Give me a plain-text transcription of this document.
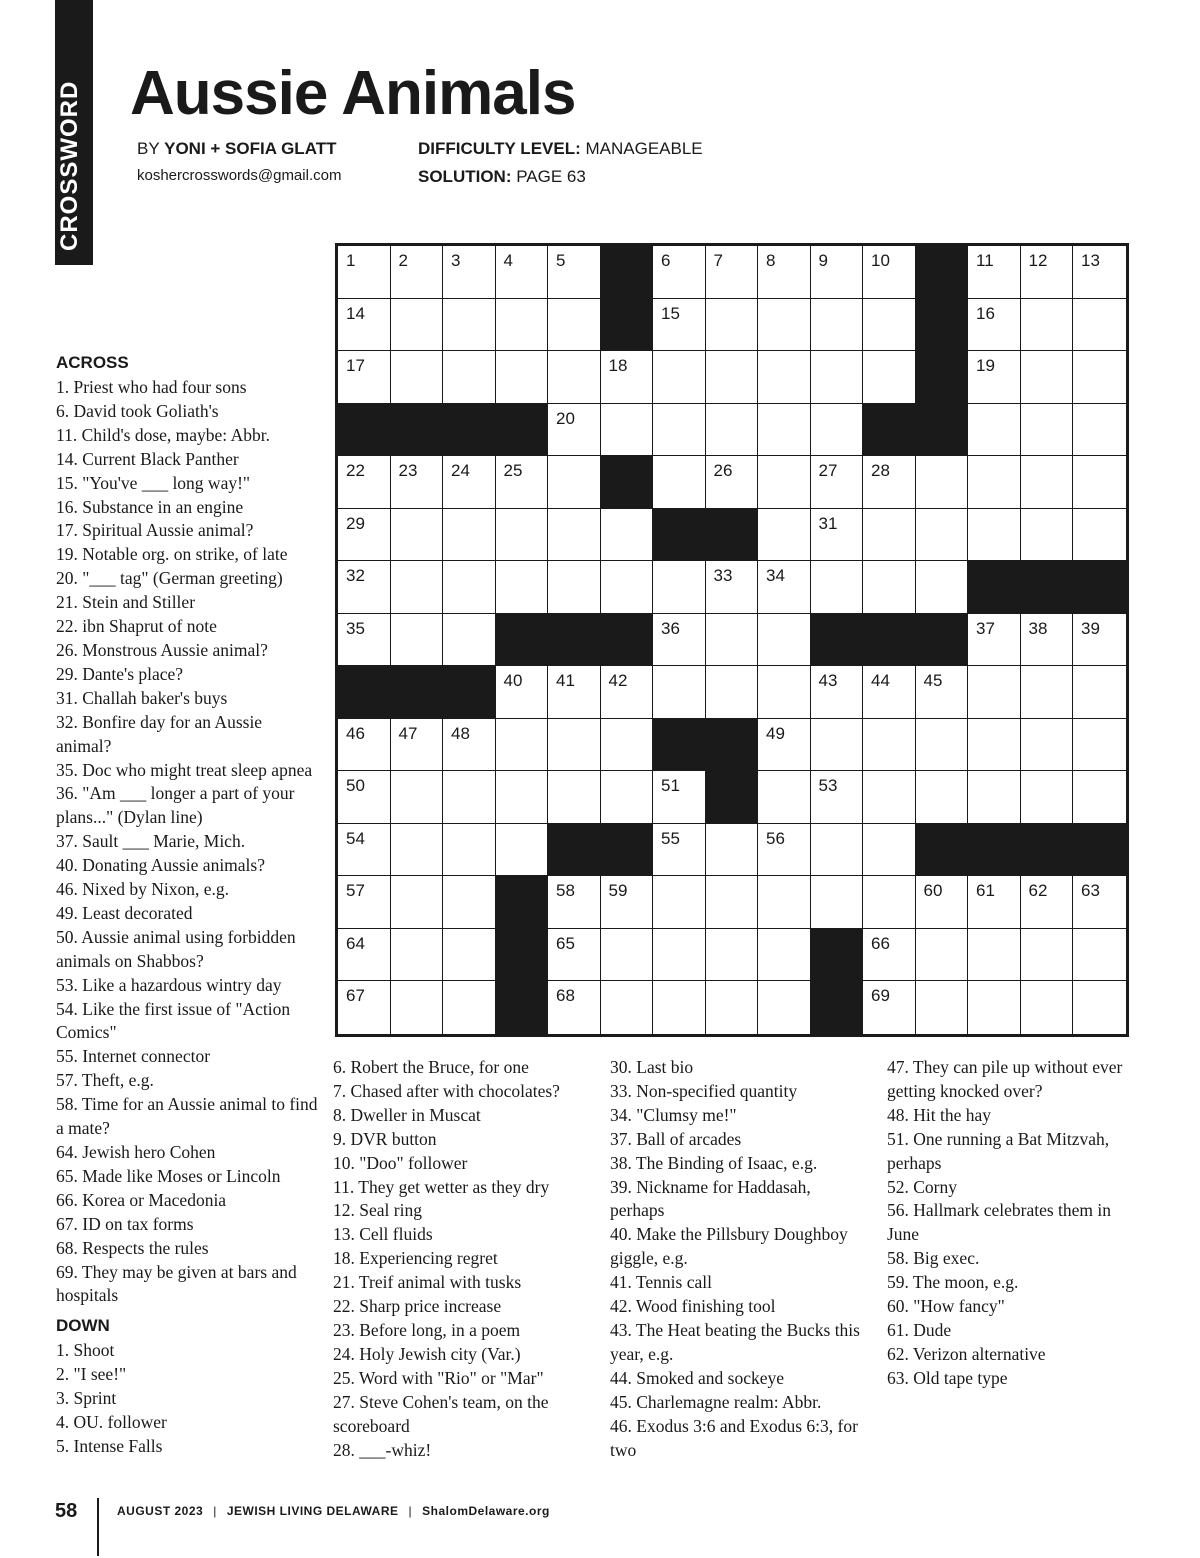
CROSSWORD Aussie Animals
BY YONI + SOFIA GLATT
koshercrosswords@gmail.com
DIFFICULTY LEVEL: MANAGEABLE
SOLUTION: PAGE 63
1	2	3	4	5	6	7	8	9	10	11 12 13
14	15	16
17	18	19
20
22 23 24 25	26	27 28
29	31
32	33 34
35	36	37 38 39
40 41 42	43 44 45
46 47 48	49
50	51	53
54	55	56
57	58 59	60 61 62 63
64	65	66
67	68	69
ACROSS
1. Priest who had four sons
6. David took Goliath's
11. Child's dose, maybe: Abbr.
14. Current Black Panther
15. "You've ___ long way!"
16. Substance in an engine
17. Spiritual Aussie animal?
19. Notable org. on strike, of late
20. "___ tag" (German greeting)
21. Stein and Stiller
22. ibn Shaprut of note
26. Monstrous Aussie animal?
29. Dante's place?
31. Challah baker's buys
32. Bonfire day for an Aussie animal?
35. Doc who might treat sleep apnea
36. "Am ___ longer a part of your plans..." (Dylan line)
37. Sault ___ Marie, Mich.
40. Donating Aussie animals?
46. Nixed by Nixon, e.g.
49. Least decorated
50. Aussie animal using forbidden animals on Shabbos?
53. Like a hazardous wintry day
54. Like the first issue of "Action Comics"
55. Internet connector
57. Theft, e.g.
58. Time for an Aussie animal to find a mate?
64. Jewish hero Cohen
65. Made like Moses or Lincoln
66. Korea or Macedonia
67. ID on tax forms
68. Respects the rules
69. They may be given at bars and hospitals
DOWN
1. Shoot
2. "I see!"
3. Sprint
4. OU. follower
5. Intense Falls
6. Robert the Bruce, for one
7. Chased after with chocolates?
8. Dweller in Muscat
9. DVR button
10. "Doo" follower
11. They get wetter as they dry
12. Seal ring
13. Cell fluids
18. Experiencing regret
21. Treif animal with tusks
22. Sharp price increase
23. Before long, in a poem
24. Holy Jewish city (Var.)
25. Word with "Rio" or "Mar"
27. Steve Cohen's team, on the scoreboard
28. ___-whiz!
30. Last bio
33. Non-specified quantity
34. "Clumsy me!"
37. Ball of arcades
38. The Binding of Isaac, e.g.
39. Nickname for Haddasah, perhaps
40. Make the Pillsbury Doughboy giggle, e.g.
41. Tennis call
42. Wood finishing tool
43. The Heat beating the Bucks this year, e.g.
44. Smoked and sockeye
45. Charlemagne realm: Abbr.
46. Exodus 3:6 and Exodus 6:3, for two
47. They can pile up without ever getting knocked over?
48. Hit the hay
51. One running a Bat Mitzvah, perhaps
52. Corny
56. Hallmark celebrates them in June
58. Big exec.
59. The moon, e.g.
60. "How fancy"
61. Dude
62. Verizon alternative
63. Old tape type
58	AUGUST 2023 | JEWISH LIVING DELAWARE | ShalomDelaware.org
